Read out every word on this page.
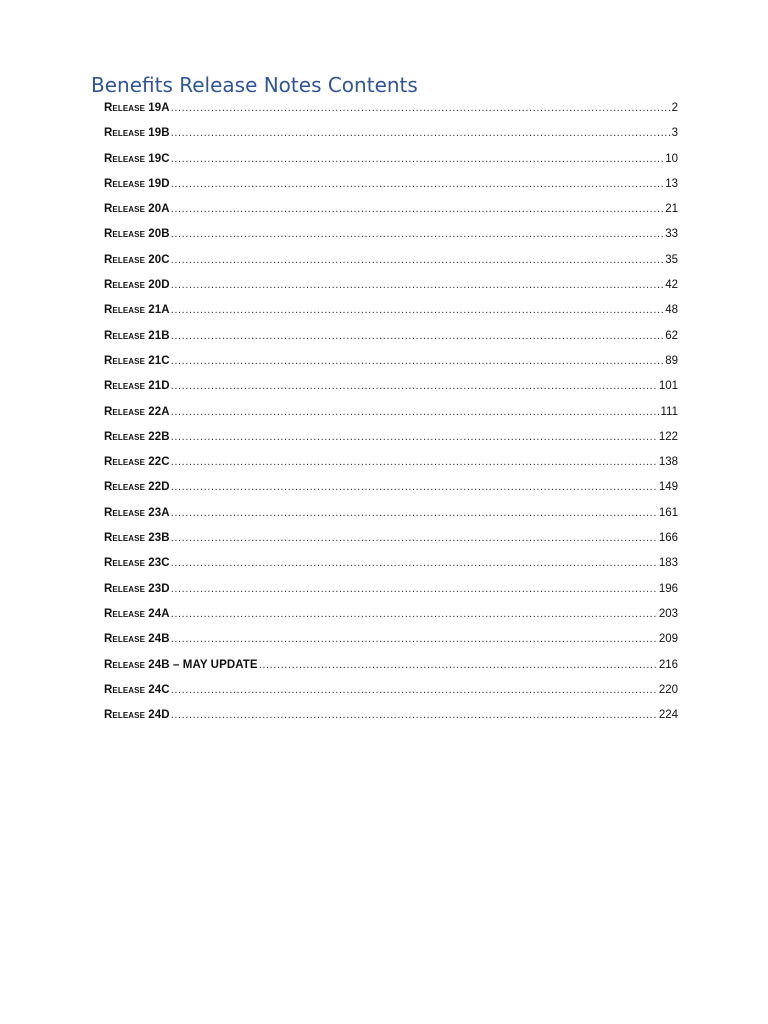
Benefits Release Notes Contents
Release 19A .....	2
Release 19B .....	3
Release 19C .....	10
Release 19D .....	13
Release 20A .....	21
Release 20B .....	33
Release 20C .....	35
Release 20D .....	42
Release 21A .....	48
Release 21B .....	62
Release 21C .....	89
Release 21D .....	101
Release 22A .....	111
Release 22B .....	122
Release 22C .....	138
Release 22D .....	149
Release 23A .....	161
Release 23B .....	166
Release 23C .....	183
Release 23D .....	196
Release 24A .....	203
Release 24B .....	209
Release 24B – MAY UPDATE .....	216
Release 24C .....	220
Release 24D .....	224
